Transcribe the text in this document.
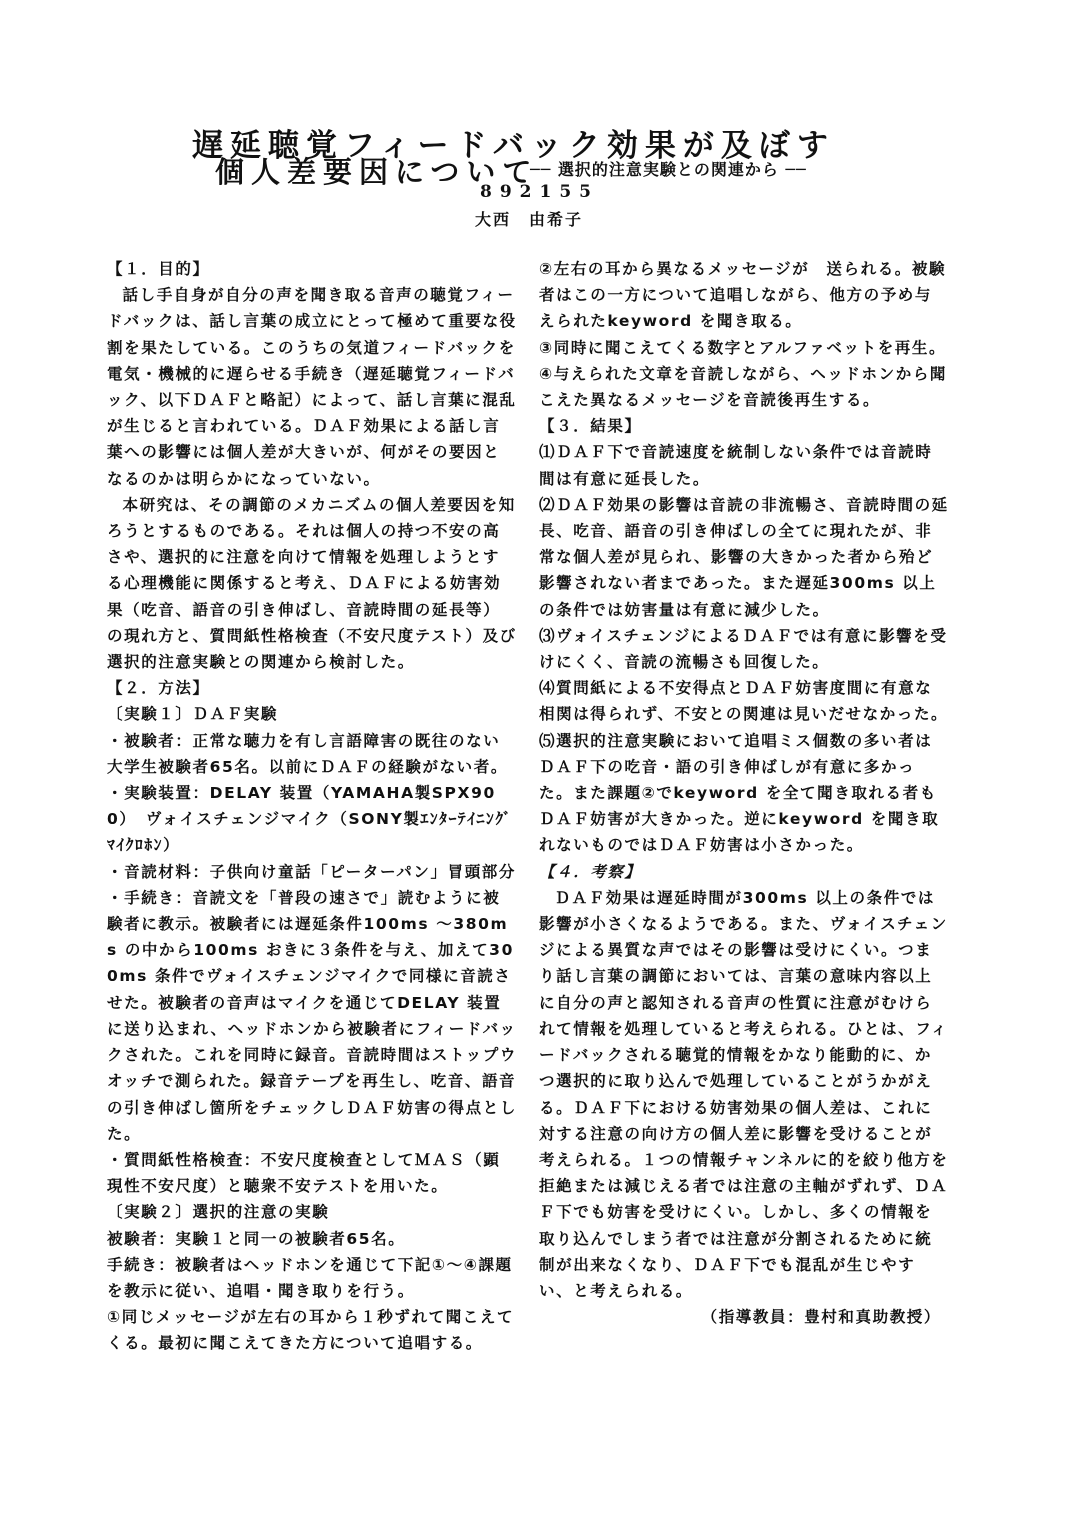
遅延聴覚フィードバック効果が及ぼす
個人差要因について
── 選択的注意実験との関連から ──
892155
大西　由希子

【１．目的】

話し手自身が自分の声を聞き取る音声の聴覚フィードバックは、話し言葉の成立にとって極めて重要な役割を果たしている。このうちの気道フィードバックを電気・機械的に遅らせる手続き（遅延聴覚フィードバック、以下ＤＡＦと略記）によって、話し言葉に混乱が生じると言われている。ＤＡＦ効果による話し言葉への影響には個人差が大きいが、何がその要因となるのかは明らかになっていない。

本研究は、その調節のメカニズムの個人差要因を知ろうとするものである。それは個人の持つ不安の高さや、選択的に注意を向けて情報を処理しようとする心理機能に関係すると考え、ＤＡＦによる妨害効果（吃音、語音の引き伸ばし、音読時間の延長等）の現れ方と、質問紙性格検査（不安尺度テスト）及び選択的注意実験との関連から検討した。

【２．方法】

〔実験１〕ＤＡＦ実験

・被験者：正常な聴力を有し言語障害の既往のない大学生被験者65名。以前にＤＡＦの経験がない者。

・実験装置：DELAY 装置（YAMAHA製SPX900）　ヴォイスチェンジマイク（SONY製ｴﾝﾀｰﾃｲﾆﾝｸﾞ ﾏｲｸﾛﾎﾝ）

・音読材料：子供向け童話「ピーターパン」冒頭部分

・手続き：音読文を「普段の速さで」読むように被験者に教示。被験者には遅延条件100ms ～380ms の中から100ms おきに３条件を与え、加えて300ms 条件でヴォイスチェンジマイクで同様に音読させた。被験者の音声はマイクを通じてDELAY 装置に送り込まれ、ヘッドホンから被験者にフィードバックされた。これを同時に録音。音読時間はストップウオッチで測られた。録音テープを再生し、吃音、語音の引き伸ばし箇所をチェックしＤＡＦ妨害の得点とした。

・質問紙性格検査：不安尺度検査としてＭＡＳ（顕現性不安尺度）と聴衆不安テストを用いた。

〔実験２〕選択的注意の実験

被験者：実験１と同一の被験者65名。

手続き：被験者はヘッドホンを通じて下記①～④課題を教示に従い、追唱・聞き取りを行う。

①同じメッセージが左右の耳から１秒ずれて聞こえてくる。最初に聞こえてきた方について追唱する。

②左右の耳から異なるメッセージが　送られる。被験者はこの一方について追唱しながら、他方の予め与えられたkeyword を聞き取る。

③同時に聞こえてくる数字とアルファベットを再生。

④与えられた文章を音読しながら、ヘッドホンから聞こえた異なるメッセージを音読後再生する。

【３．結果】

⑴ＤＡＦ下で音読速度を統制しない条件では音読時間は有意に延長した。

⑵ＤＡＦ効果の影響は音読の非流暢さ、音読時間の延長、吃音、語音の引き伸ばしの全てに現れたが、非常な個人差が見られ、影響の大きかった者から殆ど影響されない者まであった。また遅延300ms 以上の条件では妨害量は有意に減少した。

⑶ヴォイスチェンジによるＤＡＦでは有意に影響を受けにくく、音読の流暢さも回復した。

⑷質問紙による不安得点とＤＡＦ妨害度間に有意な相関は得られず、不安との関連は見いだせなかった。

⑸選択的注意実験において追唱ミス個数の多い者はＤＡＦ下の吃音・語の引き伸ばしが有意に多かった。また課題②でkeyword を全て聞き取れる者もＤＡＦ妨害が大きかった。逆にkeyword を聞き取れないものではＤＡＦ妨害は小さかった。

【４．考察】

ＤＡＦ効果は遅延時間が300ms 以上の条件では影響が小さくなるようである。また、ヴォイスチェンジによる異質な声ではその影響は受けにくい。つまり話し言葉の調節においては、言葉の意味内容以上に自分の声と認知される音声の性質に注意がむけられて情報を処理していると考えられる。ひとは、フィードバックされる聴覚的情報をかなり能動的に、かつ選択的に取り込んで処理していることがうかがえる。ＤＡＦ下における妨害効果の個人差は、これに対する注意の向け方の個人差に影響を受けることが考えられる。１つの情報チャンネルに的を絞り他方を拒絶または減じえる者では注意の主軸がずれず、ＤＡＦ下でも妨害を受けにくい。しかし、多くの情報を取り込んでしまう者では注意が分割されるために統制が出来なくなり、ＤＡＦ下でも混乱が生じやすい、と考えられる。

（指導教員：豊村和真助教授）
